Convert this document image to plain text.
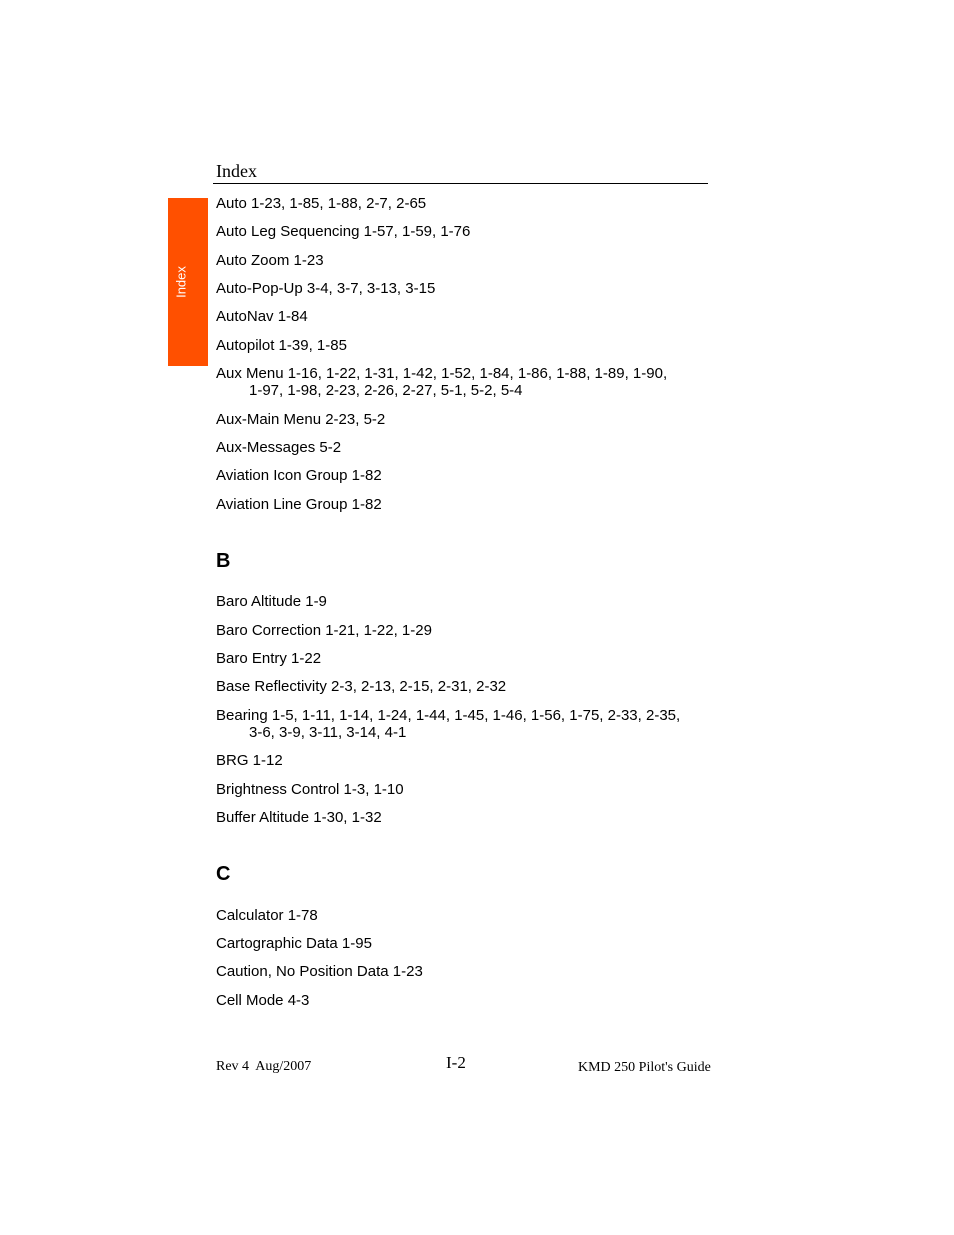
Index
Index
Auto 1-23, 1-85, 1-88, 2-7, 2-65
Auto Leg Sequencing 1-57, 1-59, 1-76
Auto Zoom 1-23
Auto-Pop-Up 3-4, 3-7, 3-13, 3-15
AutoNav 1-84
Autopilot 1-39, 1-85
Aux Menu 1-16, 1-22, 1-31, 1-42, 1-52, 1-84, 1-86, 1-88, 1-89, 1-90,
1-97, 1-98, 2-23, 2-26, 2-27, 5-1, 5-2, 5-4
Aux-Main Menu 2-23, 5-2
Aux-Messages 5-2
Aviation Icon Group 1-82
Aviation Line Group 1-82
B
Baro Altitude 1-9
Baro Correction 1-21, 1-22, 1-29
Baro Entry 1-22
Base Reflectivity 2-3, 2-13, 2-15, 2-31, 2-32
Bearing 1-5, 1-11, 1-14, 1-24, 1-44, 1-45, 1-46, 1-56, 1-75, 2-33, 2-35,
3-6, 3-9, 3-11, 3-14, 4-1
BRG 1-12
Brightness Control 1-3, 1-10
Buffer Altitude 1-30, 1-32
C
Calculator 1-78
Cartographic Data 1-95
Caution, No Position Data 1-23
Cell Mode 4-3
Rev 4  Aug/2007	I-2	KMD 250 Pilot's Guide
